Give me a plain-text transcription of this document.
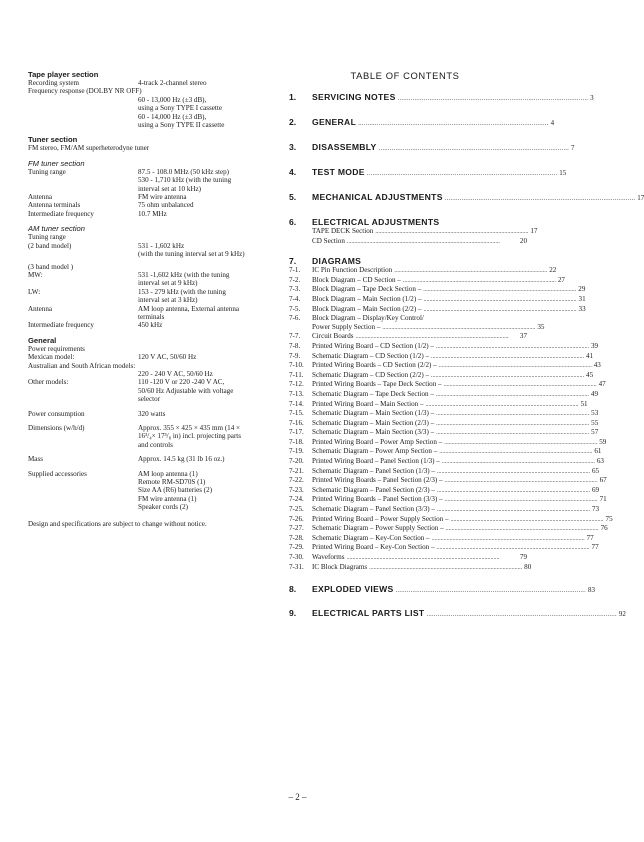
Tape player section
Recording system	4-track 2-channel stereo
Frequency response (DOLBY NR OFF)
60 - 13,000 Hz (±3 dB),
using a Sony TYPE I cassette
60 - 14,000 Hz (±3 dB),
using a Sony TYPE II cassette
Tuner section
FM stereo, FM/AM superheterodyne tuner
FM tuner section
Tuning range	87.5 - 108.0 MHz (50 kHz step)
530 - 1,710 kHz (with the tuning
interval set at 10 kHz)
Antenna	FM wire antenna
Antenna terminals	75 ohm unbalanced
Intermediate frequency	10.7 MHz
AM tuner section
Tuning range
(2 band model)	531 - 1,602 kHz
(with the tuning interval set at 9 kHz)
(3 band model )
MW:	531 -1,602 kHz (with the tuning
interval set at 9 kHz)
LW:	153 - 279 kHz (with the tuning
interval set at 3 kHz)
Antenna	AM loop antenna, External antenna
terminals
Intermediate frequency	450 kHz
General
Power requirements
Mexican model:	120 V AC, 50/60 Hz
Australian and South African models:
220 - 240 V AC, 50/60 Hz
Other models:	110 -120 V or 220 -240 V AC,
50/60 Hz Adjustable with voltage
selector
Power consumption	320 watts
Dimensions (w/h/d)	Approx. 355 × 425 × 435 mm (14 ×
16³/₄× 17³/₈ in) incl. projecting parts
and controls
Mass	Approx. 14.5 kg (31 lb 16 oz.)
Supplied accessories	AM loop antenna (1)
Remote RM-SD70S (1)
Size AA (R6) batteries (2)
FM wire antenna (1)
Speaker cords (2)
Design and specifications are subject to change without notice.
TABLE OF CONTENTS
1.	SERVICING NOTES ...................................................................................................... 3
2.	GENERAL ...................................................................................................... 4
3.	DISASSEMBLY ...................................................................................................... 7
4.	TEST MODE ...................................................................................................... 15
5.	MECHANICAL ADJUSTMENTS ...................................................................................................... 17
6.	ELECTRICAL ADJUSTMENTS
TAPE DECK Section ...................................................................................................... 17
CD Section ......................................................................................................	20
7.	DIAGRAMS
7-1.	IC Pin Function Description ...................................................................................................... 22
7-2.	Block Diagram – CD Section – ...................................................................................................... 27
7-3.	Block Diagram – Tape Deck Section – ...................................................................................................... 29
7-4.	Block Diagram – Main Section (1/2) – ...................................................................................................... 31
7-5.	Block Diagram – Main Section (2/2) – ...................................................................................................... 33
7-6.	Block Diagram – Display/Key Control/
Power Supply Section – ...................................................................................................... 35
7-7.	Circuit Boards ......................................................................................................	37
7-8.	Printed Wiring Board – CD Section (1/2) – ...................................................................................................... 39
7-9.	Schematic Diagram – CD Section (1/2) – ...................................................................................................... 41
7-10.	Printed Wiring Boards – CD Section (2/2) – ...................................................................................................... 43
7-11.	Schematic Diagram – CD Section (2/2) – ...................................................................................................... 45
7-12.	Printed Wiring Boards – Tape Deck Section – ...................................................................................................... 47
7-13.	Schematic Diagram – Tape Deck Section – ...................................................................................................... 49
7-14.	Printed Wiring Board – Main Section – ...................................................................................................... 51
7-15.	Schematic Diagram – Main Section (1/3) – ...................................................................................................... 53
7-16.	Schematic Diagram – Main Section (2/3) – ...................................................................................................... 55
7-17.	Schematic Diagram – Main Section (3/3) – ...................................................................................................... 57
7-18.	Printed Wiring Board – Power Amp Section – ...................................................................................................... 59
7-19.	Schematic Diagram – Power Amp Section – ...................................................................................................... 61
7-20.	Printed Wiring Board – Panel Section (1/3) – ...................................................................................................... 63
7-21.	Schematic Diagram – Panel Section (1/3) – ...................................................................................................... 65
7-22.	Printed Wiring Boards – Panel Section (2/3) – ...................................................................................................... 67
7-23.	Schematic Diagram – Panel Section (2/3) – ...................................................................................................... 69
7-24.	Printed Wiring Boards – Panel Section (3/3) – ...................................................................................................... 71
7-25.	Schematic Diagram – Panel Section (3/3) – ...................................................................................................... 73
7-26.	Printed Wiring Board – Power Supply Section – ...................................................................................................... 75
7-27.	Schematic Diagram – Power Supply Section – ...................................................................................................... 76
7-28.	Schematic Diagram – Key-Con Section – ...................................................................................................... 77
7-29.	Printed Wiring Board – Key-Con Section – ...................................................................................................... 77
7-30.	Waveforms ......................................................................................................	79
7-31.	IC Block Diagrams ...................................................................................................... 80
8.	EXPLODED VIEWS ...................................................................................................... 83
9.	ELECTRICAL PARTS LIST ...................................................................................................... 92
– 2 –
